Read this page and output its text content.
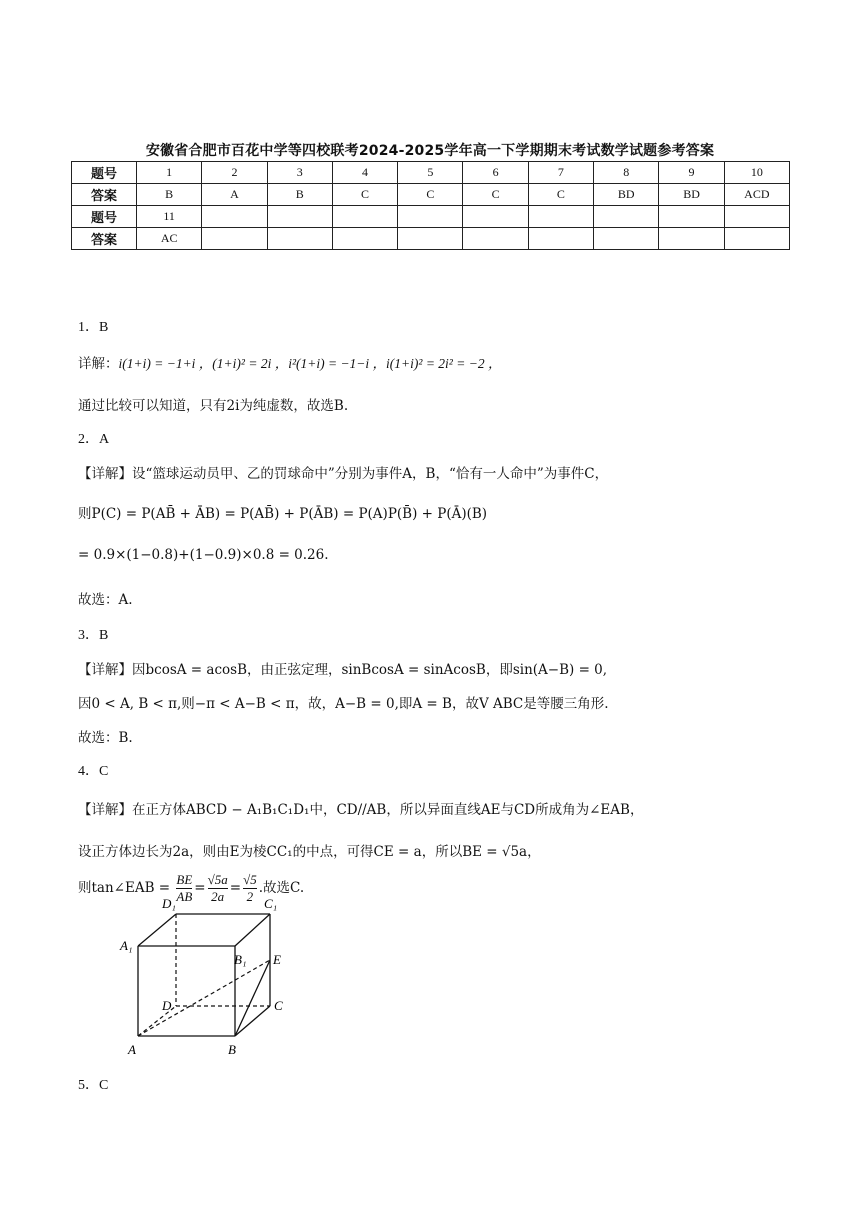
安徽省合肥市百花中学等四校联考2024-2025学年高一下学期期末考试数学试题参考答案
题号	1	2	3	4	5	6	7	8	9	10
答案	B	A	B	C	C	C	C	BD	BD	ACD
题号	11									
答案	AC									
1．B
详解：i(1+i) = −1+i ，(1+i)² = 2i ，i²(1+i) = −1−i ，i(1+i)² = 2i² = −2 ，
通过比较可以知道，只有2i为纯虚数，故选B.
2．A
【详解】设“篮球运动员甲、乙的罚球命中”分别为事件A，B，“恰有一人命中”为事件C，
则P(C) = P(AB̄ + ĀB) = P(AB̄) + P(ĀB) = P(A)P(B̄) + P(Ā)(B)
= 0.9×(1−0.8)+(1−0.9)×0.8 = 0.26.
故选：A.
3．B
【详解】因bcosA = acosB，由正弦定理，sinBcosA = sinAcosB，即sin(A−B) = 0,
因0 < A, B < π,则−π < A−B < π，故，A−B = 0,即A = B，故V ABC是等腰三角形.
故选：B.
4．C
【详解】在正方体ABCD − A₁B₁C₁D₁中，CD//AB，所以异面直线AE与CD所成角为∠EAB，
设正方体边长为2a，则由E为棱CC₁的中点，可得CE = a，所以BE = √5a，
则tan∠EAB = $\frac{BE}{AB} = \frac{√5a}{2a} = \frac{√5}{2}$ .故选C.
D₁	C₁
A₁
B₁ E
D	C
A	B
5．C
